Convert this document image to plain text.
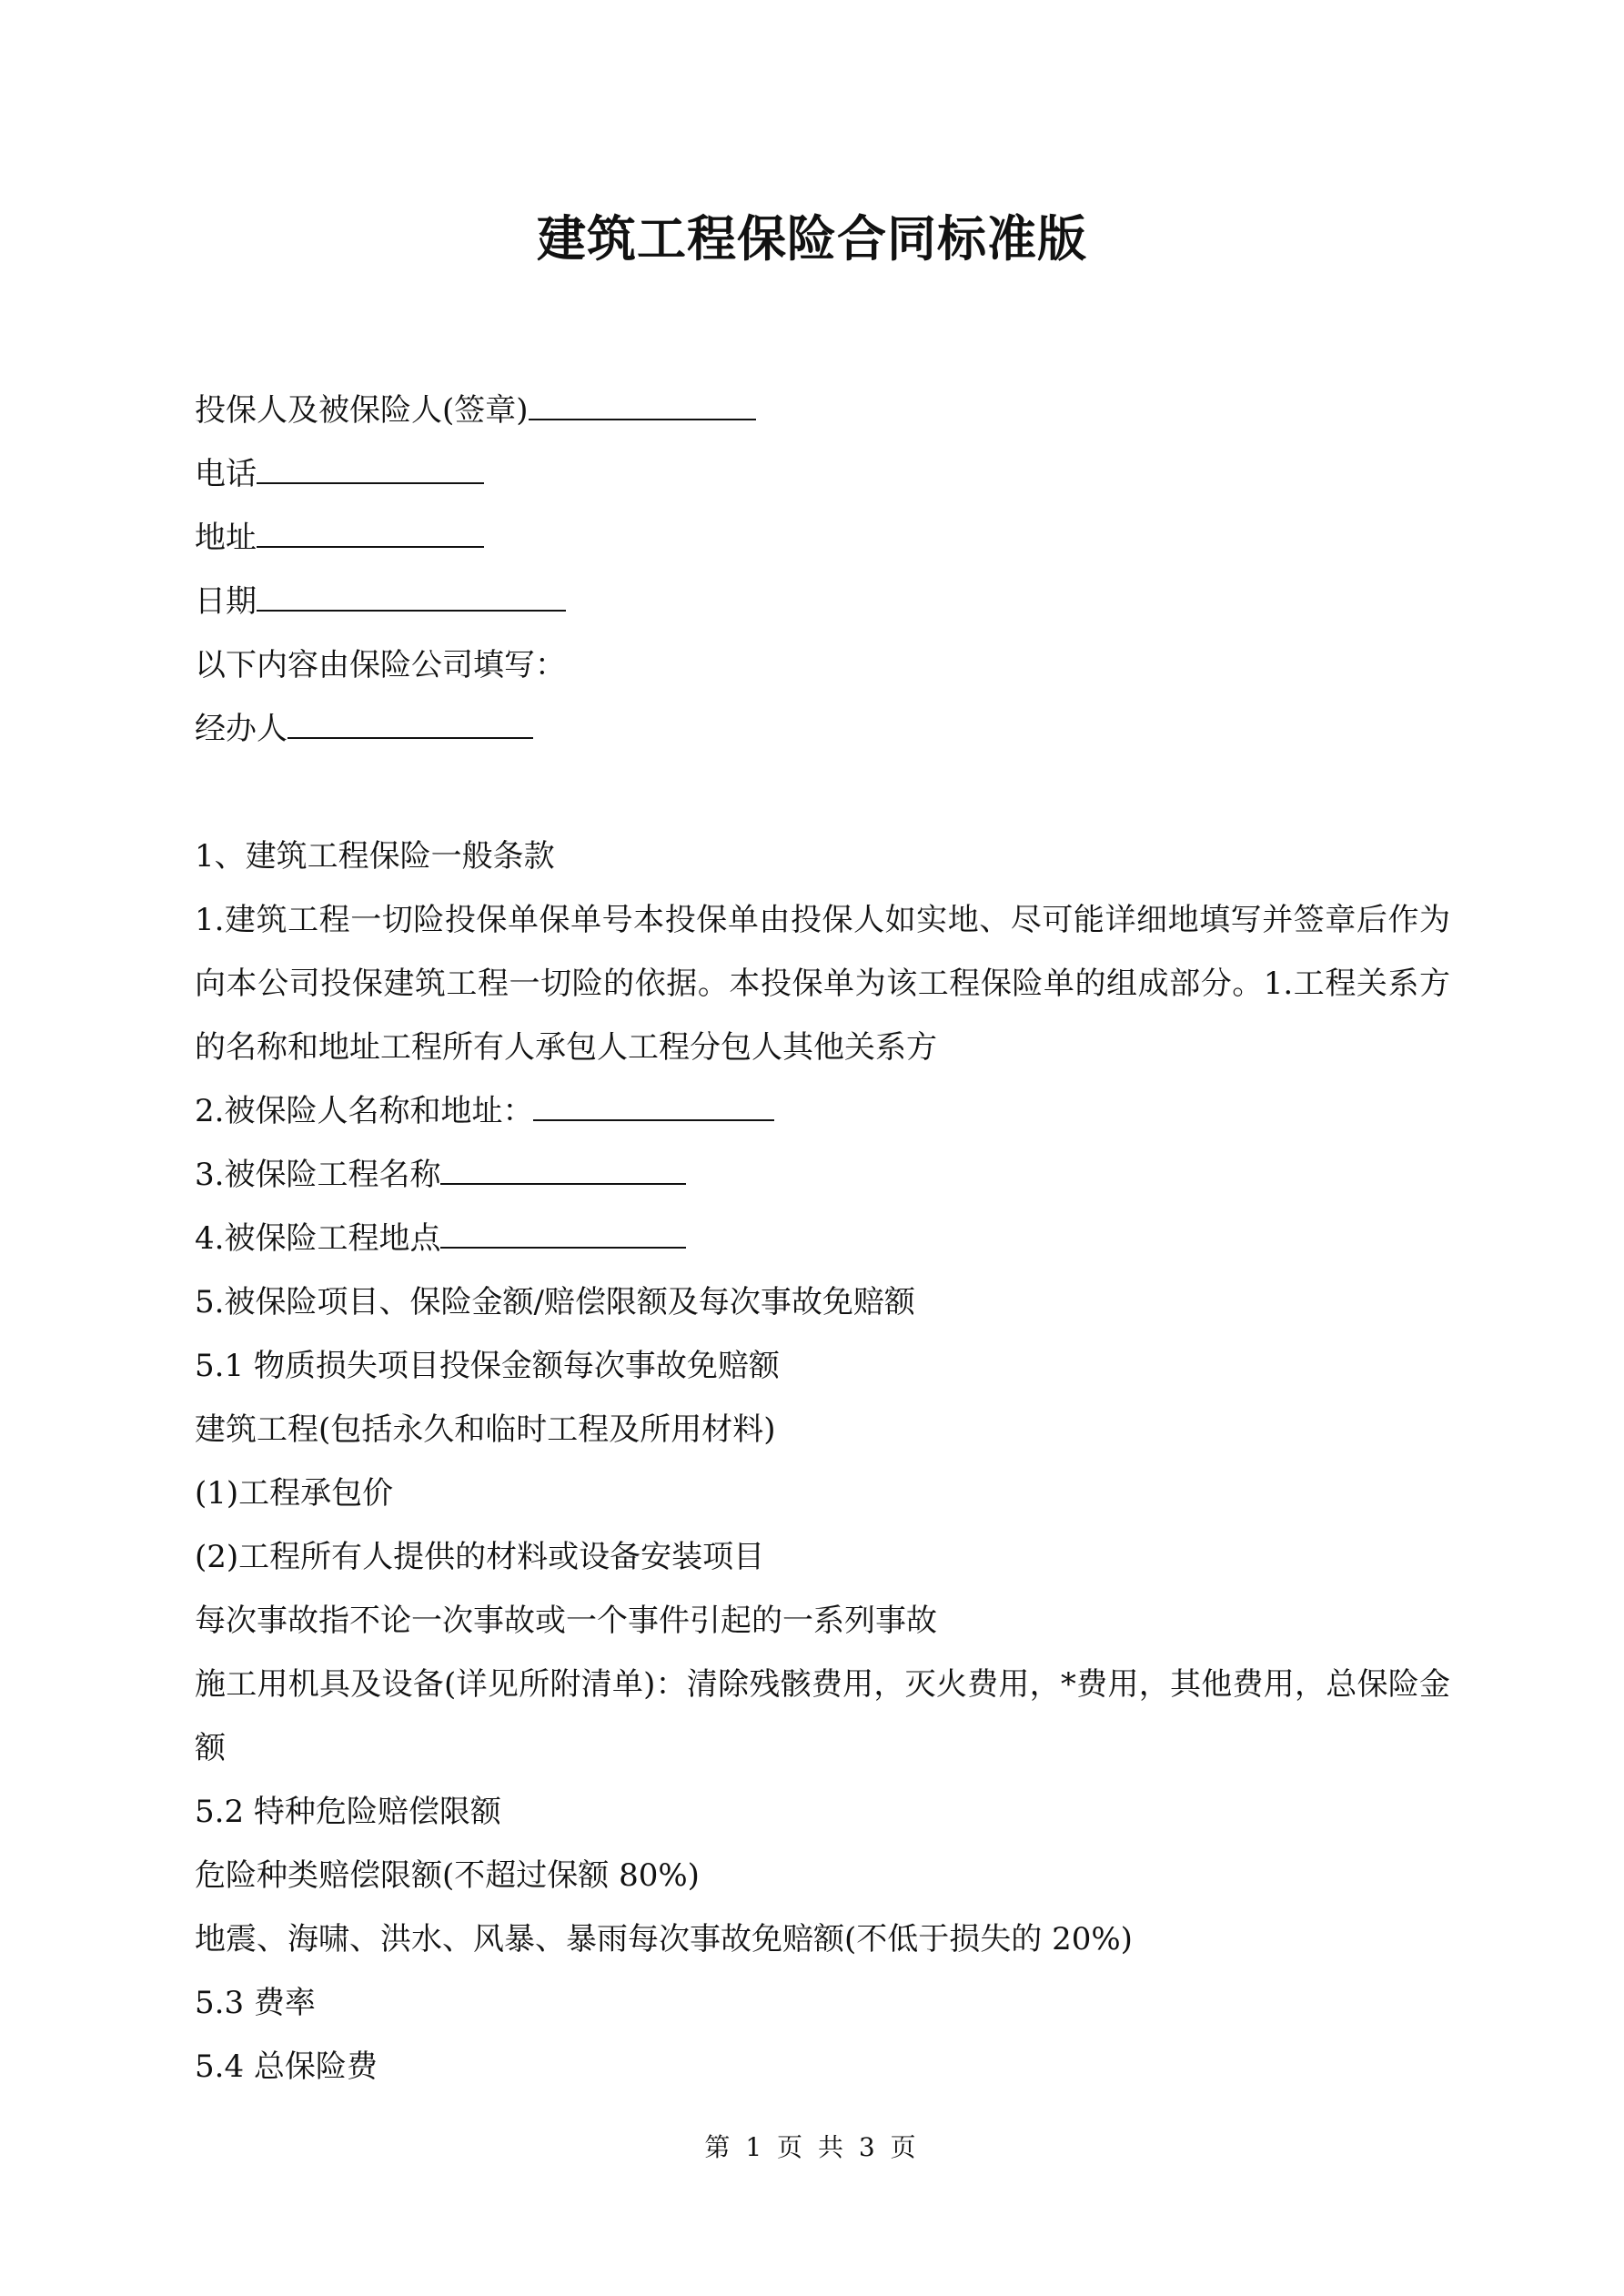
建筑工程保险合同标准版
投保人及被保险人(签章)
电话
地址
日期
以下内容由保险公司填写：
经办人
1、建筑工程保险一般条款
1.建筑工程一切险投保单保单号本投保单由投保人如实地、尽可能详细地填写并签章后作为向本公司投保建筑工程一切险的依据。本投保单为该工程保险单的组成部分。1.工程关系方的名称和地址工程所有人承包人工程分包人其他关系方
2.被保险人名称和地址：
3.被保险工程名称
4.被保险工程地点
5.被保险项目、保险金额/赔偿限额及每次事故免赔额
5.1 物质损失项目投保金额每次事故免赔额
建筑工程(包括永久和临时工程及所用材料)
(1)工程承包价
(2)工程所有人提供的材料或设备安装项目
每次事故指不论一次事故或一个事件引起的一系列事故
施工用机具及设备(详见所附清单)：清除残骸费用，灭火费用，*费用，其他费用，总保险金额
5.2 特种危险赔偿限额
危险种类赔偿限额(不超过保额 80%)
地震、海啸、洪水、风暴、暴雨每次事故免赔额(不低于损失的 20%)
5.3 费率
5.4 总保险费
第 1 页 共 3 页
